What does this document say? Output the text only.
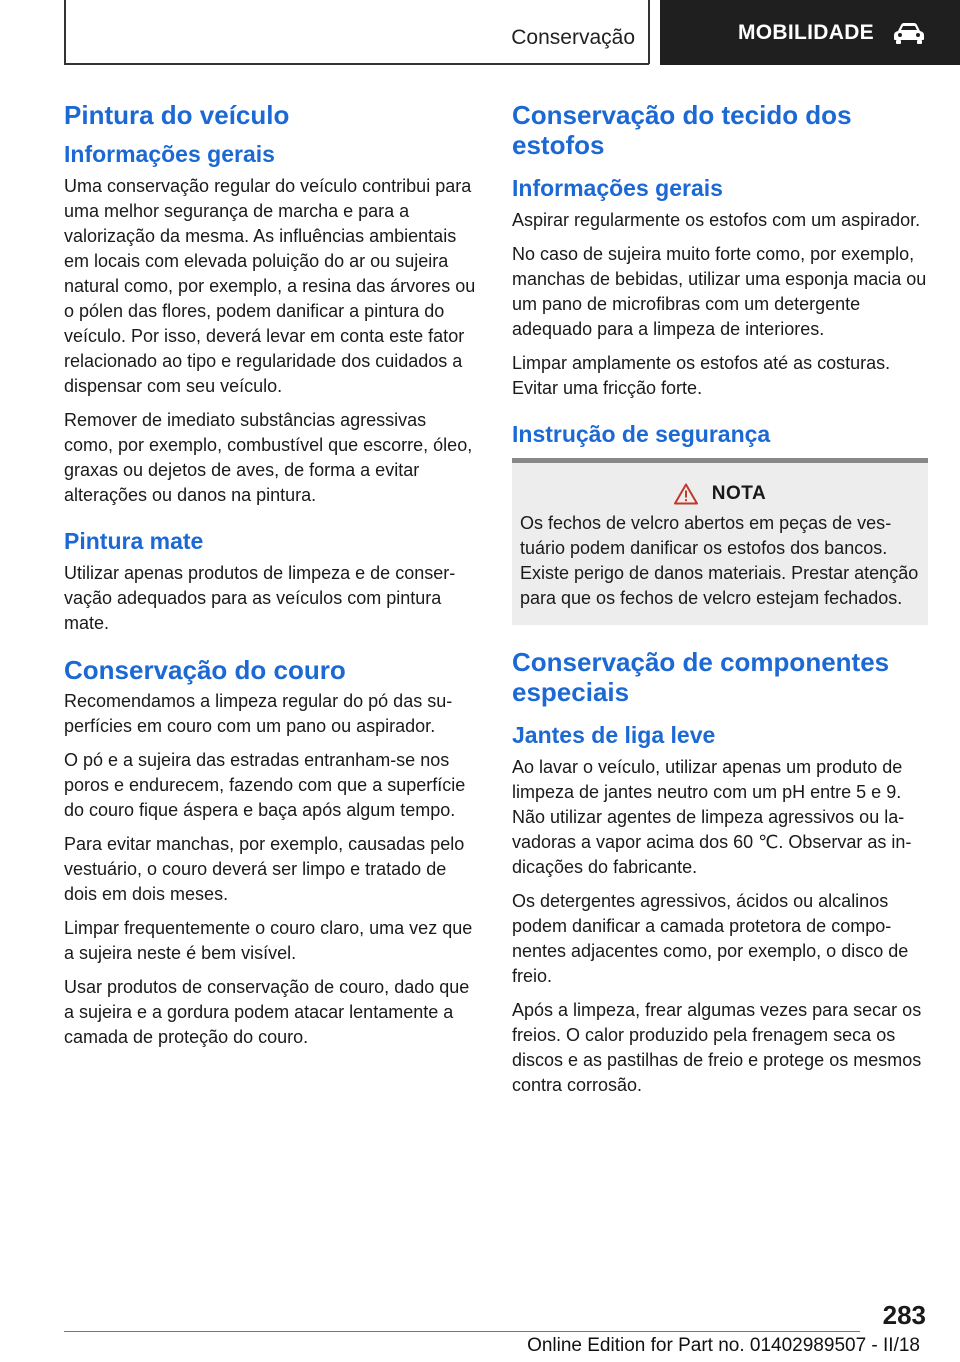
Conservação	MOBILIDADE
Pintura do veículo
Informações gerais

Uma conservação regular do veículo contribui para uma melhor segurança de marcha e para a valorização da mesma. As influências ambientais em locais com elevada poluição do ar ou sujeira natural como, por exemplo, a resina das árvores ou o pólen das flores, podem danificar a pintura do veículo. Por isso, deverá levar em conta este fator relacionado ao tipo e regularidade dos cuidados a dispensar com seu veículo.

Remover de imediato substâncias agressivas como, por exemplo, combustível que escorre, óleo, graxas ou dejetos de aves, de forma a evitar alterações ou danos na pintura.

Pintura mate

Utilizar apenas produtos de limpeza e de conservação adequados para as veículos com pintura mate.

Conservação do couro

Recomendamos a limpeza regular do pó das superfícies em couro com um pano ou aspirador.

O pó e a sujeira das estradas entranham-se nos poros e endurecem, fazendo com que a superfície do couro fique áspera e baça após algum tempo.

Para evitar manchas, por exemplo, causadas pelo vestuário, o couro deverá ser limpo e tratado de dois em dois meses.

Limpar frequentemente o couro claro, uma vez que a sujeira neste é bem visível.

Usar produtos de conservação de couro, dado que a sujeira e a gordura podem atacar lentamente a camada de proteção do couro.

Conservação do tecido dos estofos
Informações gerais

Aspirar regularmente os estofos com um aspirador.

No caso de sujeira muito forte como, por exemplo, manchas de bebidas, utilizar uma esponja macia ou um pano de microfibras com um detergente adequado para a limpeza de interiores.

Limpar amplamente os estofos até as costuras. Evitar uma fricção forte.

Instrução de segurança
NOTA

Os fechos de velcro abertos em peças de vestuário podem danificar os estofos dos bancos. Existe perigo de danos materiais. Prestar atenção para que os fechos de velcro estejam fechados.

Conservação de componentes especiais
Jantes de liga leve

Ao lavar o veículo, utilizar apenas um produto de limpeza de jantes neutro com um pH entre 5 e 9. Não utilizar agentes de limpeza agressivos ou lavadoras a vapor acima dos 60 ℃. Observar as indicações do fabricante.

Os detergentes agressivos, ácidos ou alcalinos podem danificar a camada protetora de componentes adjacentes como, por exemplo, o disco de freio.

Após a limpeza, frear algumas vezes para secar os freios. O calor produzido pela frenagem seca os discos e as pastilhas de freio e protege os mesmos contra corrosão.

283
Online Edition for Part no. 01402989507 - II/18
